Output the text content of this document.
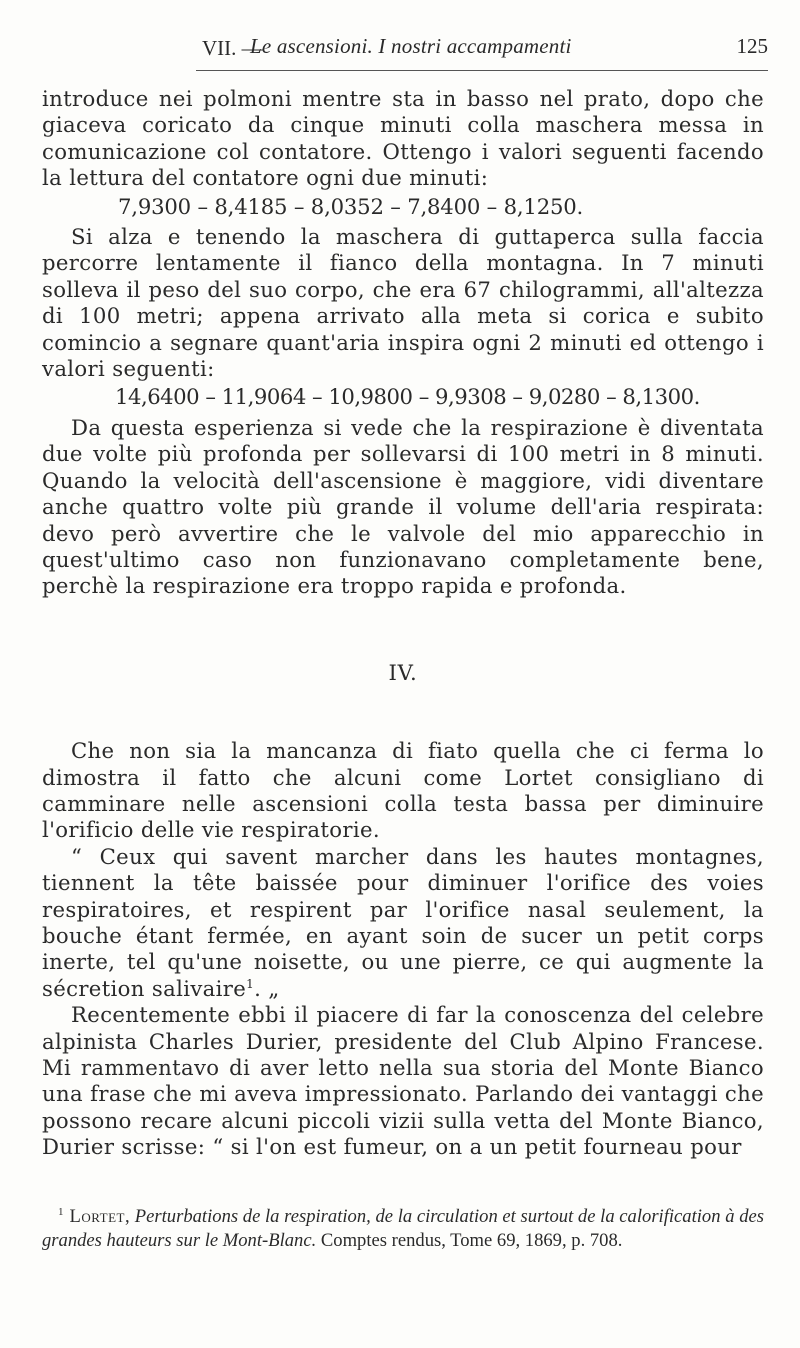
VII. —
Le ascensioni. I nostri accampamenti	125

introduce nei polmoni mentre sta in basso nel prato, dopo che giaceva coricato da cinque minuti colla maschera messa in comunicazione col contatore. Ottengo i valori seguenti facendo la lettura del contatore ogni due minuti:

7,9300 – 8,4185 – 8,0352 – 7,8400 – 8,1250.

Si alza e tenendo la maschera di guttaperca sulla faccia percorre lentamente il fianco della montagna. In 7 minuti solleva il peso del suo corpo, che era 67 chilogrammi, all'altezza di 100 metri; appena arrivato alla meta si corica e subito comincio a segnare quant'aria inspira ogni 2 minuti ed ottengo i valori seguenti:

14,6400 – 11,9064 – 10,9800 – 9,9308 – 9,0280 – 8,1300.

Da questa esperienza si vede che la respirazione è diventata due volte più profonda per sollevarsi di 100 metri in 8 minuti. Quando la velocità dell'ascensione è maggiore, vidi diventare anche quattro volte più grande il volume dell'aria respirata: devo però avvertire che le valvole del mio apparecchio in quest'ultimo caso non funzionavano completamente bene, perchè la respirazione era troppo rapida e profonda.

IV.

Che non sia la mancanza di fiato quella che ci ferma lo dimostra il fatto che alcuni come Lortet consigliano di camminare nelle ascensioni colla testa bassa per diminuire l'orificio delle vie respiratorie.

“ Ceux qui savent marcher dans les hautes montagnes, tiennent la tête baissée pour diminuer l'orifice des voies respiratoires, et respirent par l'orifice nasal seulement, la bouche étant fermée, en ayant soin de sucer un petit corps inerte, tel qu'une noisette, ou une pierre, ce qui augmente la sécretion salivaire$^1$. „

Recentemente ebbi il piacere di far la conoscenza del celebre alpinista Charles Durier, presidente del Club Alpino Francese. Mi rammentavo di aver letto nella sua storia del Monte Bianco una frase che mi aveva impressionato. Parlando dei vantaggi che possono recare alcuni piccoli vizii sulla vetta del Monte Bianco, Durier scrisse: “ si l'on est fumeur, on a un petit fourneau pour

$^1$ Lortet, Perturbations de la respiration, de la circulation et surtout de la calorification à des grandes hauteurs sur le Mont-Blanc. Comptes rendus, Tome 69, 1869, p. 708.
